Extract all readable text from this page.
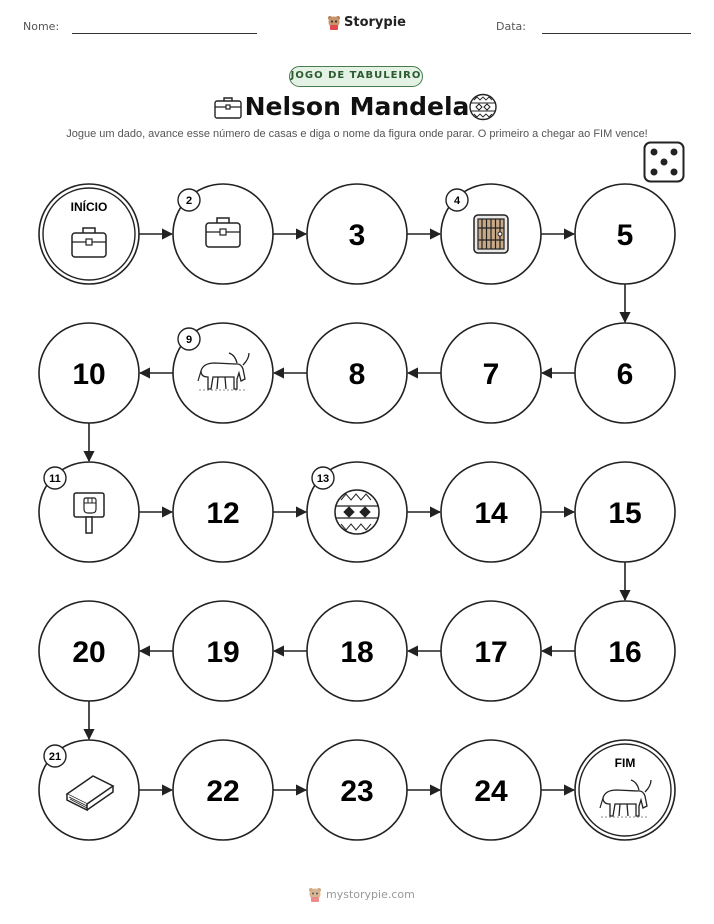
Nome:	Storypie	Data:
JOGO DE TABULEIRO
Nelson Mandela
Jogue um dado, avance esse número de casas e diga o nome da figura onde parar. O primeiro a chegar ao FIM vence!
INÍCIO	2
3
4
5
6
7
8
9
10
11
12
13
14	15
16
17
18
19
20
21
22	23	24
FIM
mystorypie.com
